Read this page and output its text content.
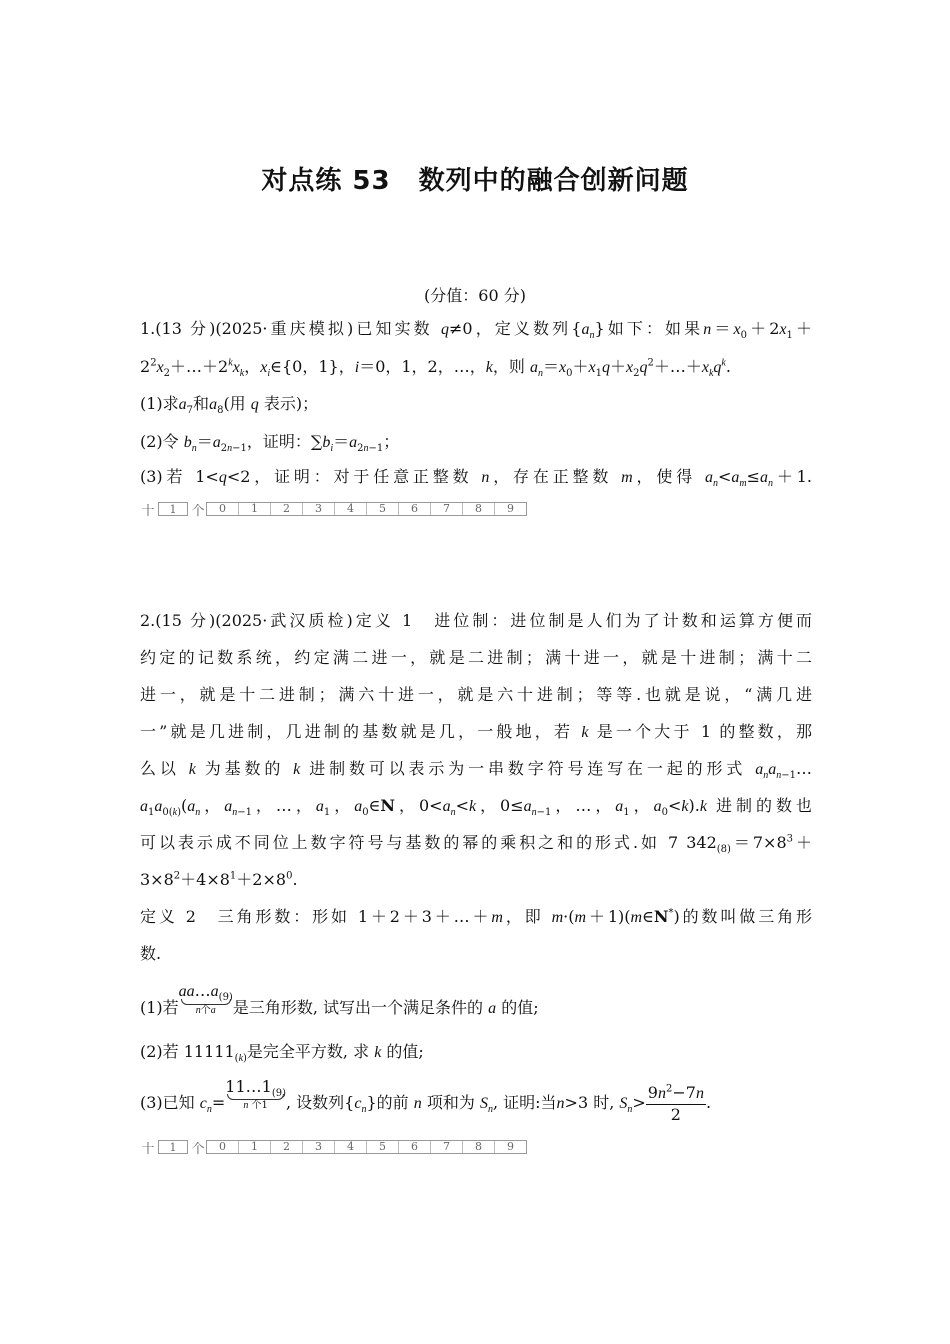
对点练 53 数列中的融合创新问题
(分值：60 分)
1.(13 分)(2025·重庆模拟)已知实数 q≠0，定义数列$\{a_n\}$如下：如果$n=x_0+2x_1+$
$2^2x_2+\dots+2^kx_k$，$x_i\in\{0$，1}，i＝0，1，2，…，k，则 $a_n=x_0+x_1q+x_2q^2+\dots+x_kq^k$.
(1)求$a_7$和$a_8$(用 q 表示)；
(2)令 $b_n=a_{2n-1}$，证明：$\sum b_i=a_{2n-1}$；
(3)若 1<q<2，证明：对于任意正整数 n，存在正整数 m，使得 $a_n<a_m\le a_n+1$.
十	1	个	0	1	2	3	4	5	6	7	8	9
2.(15 分)(2025·武汉质检)定义 1　进位制：进位制是人们为了计数和运算方便而
约定的记数系统，约定满二进一，就是二进制；满十进一，就是十进制；满十二
进一，就是十二进制；满六十进一，就是六十进制；等等.也就是说，“满几进
一”就是几进制，几进制的基数就是几，一般地，若 k 是一个大于 1 的整数，那
么以 k 为基数的 k 进制数可以表示为一串数字符号连写在一起的形式 $a_na_{n-1}\dots$
$a_1a_{0(k)}(a_n$，$a_{n-1}$，…，$a_1$，$a_0\in N$，$0<a_n<k$，$0\le a_{n-1}$，…，$a_1$，$a_0<k).k$ 进制的数也
可以表示成不同位上数字符号与基数的幂的乘积之和的形式.如 7 $342_{(8)}=7\times 8^3+$
$3\times 8^2+4\times 8^1+2\times 8^0$.
定义 2　三角形数：形如 1＋2＋3＋…＋m，即 m·(m＋1)(m∈N*)的数叫做三角形
数.
(1)若
$aa\dots a_{(9)}$
n个a	是三角形数, 试写出一个满足条件的 a 的值;
(2)若 $11111_{(k)}$是完全平方数, 求 k 的值;
(3)已知 $c_n=$
$11\dots 1_{(9)}$
n 个1	, 设数列$\{c_n\}$的前 n 项和为 $S_n$, 证明:当n>3 时, $S_n> \frac{9n^2-7n}{2}$ .
十	1	个	0	1	2	3	4	5	6	7	8	9
